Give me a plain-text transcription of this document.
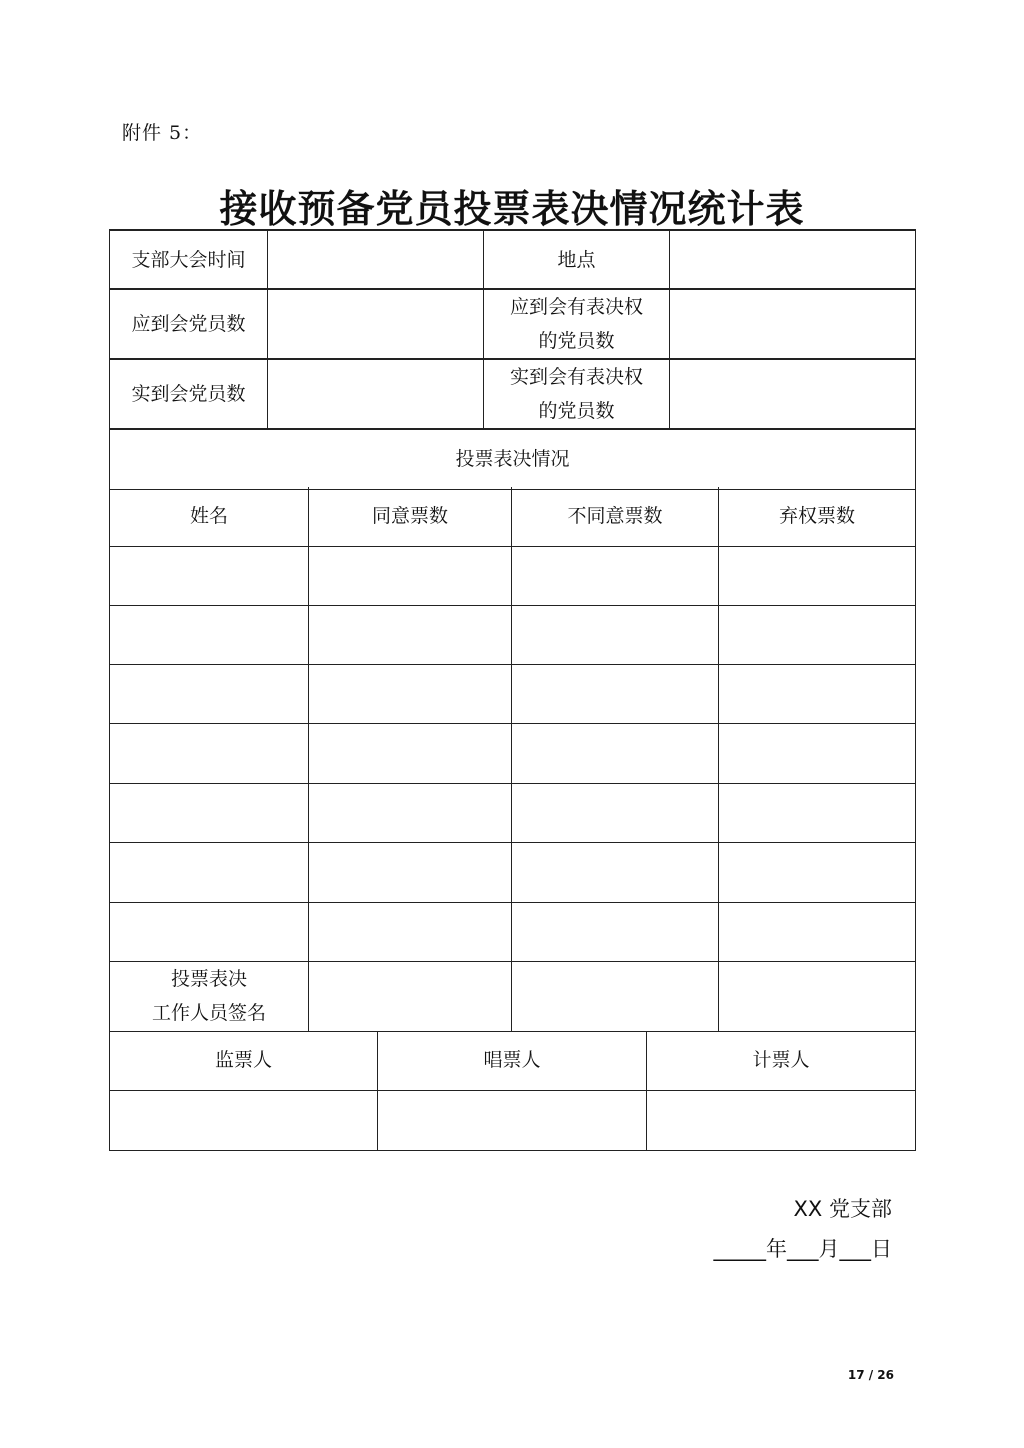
附件 5：
接收预备党员投票表决情况统计表
支部大会时间		地点	
应到会党员数		应到会有表决权
的党员数	

实到会党员数		实到会有表决权
的党员数	

投票表决情况			
姓名	同意票数	不同意票数	弃权票数

投票表决
工作人员签名			

监票人	唱票人	计票人

XX 党支部
_____年___月___日
17 / 26
